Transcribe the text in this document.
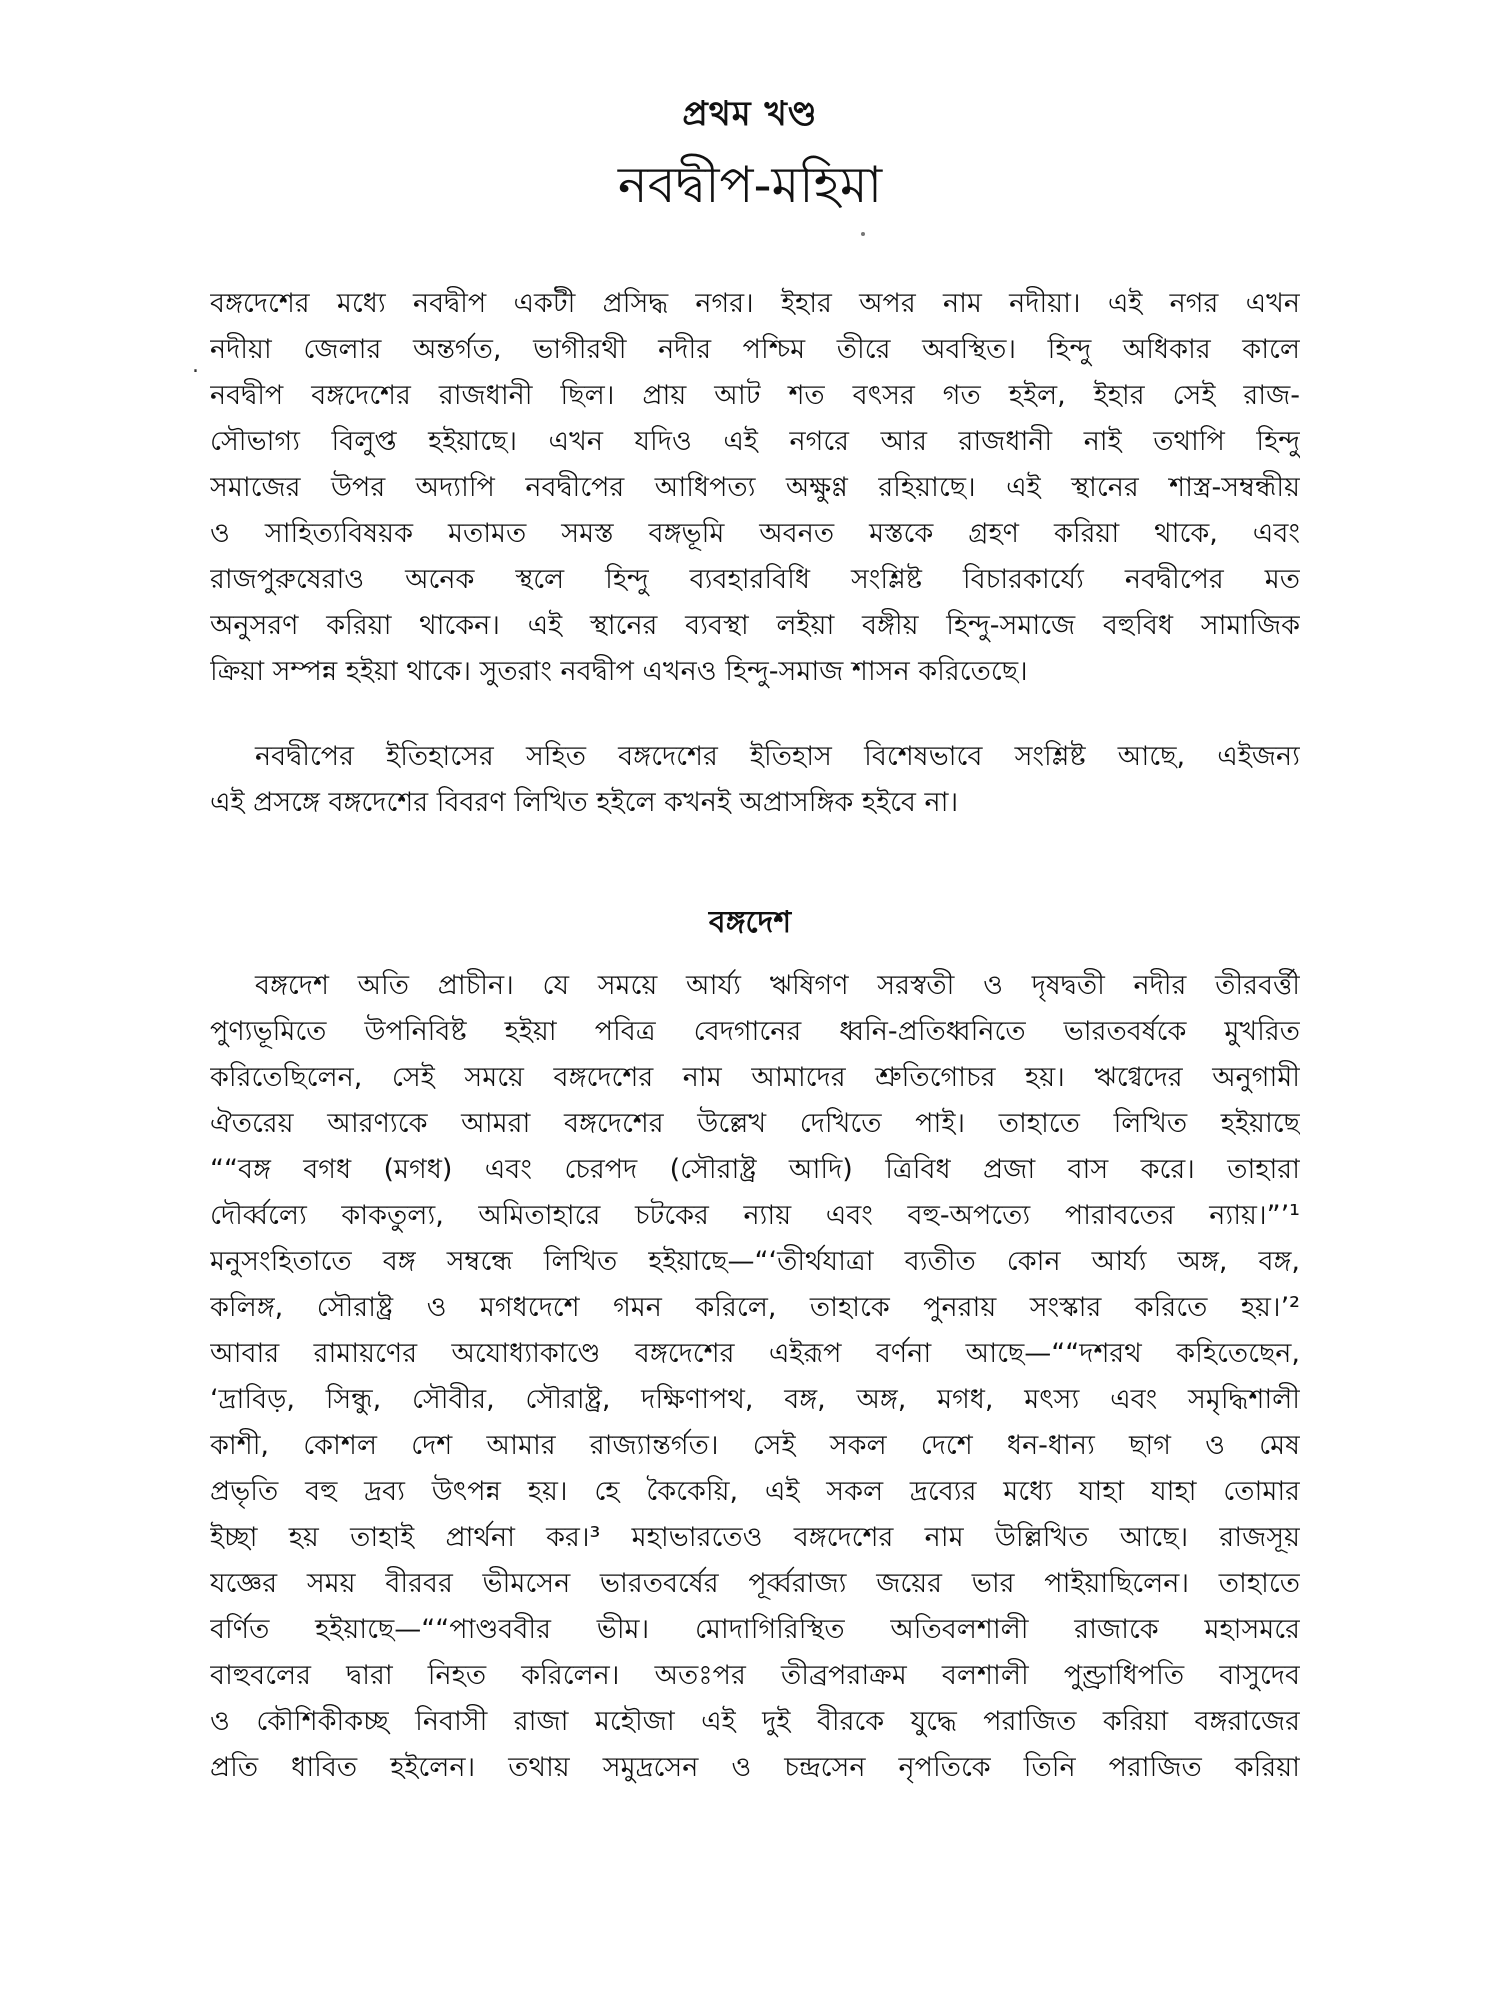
প্রথম খণ্ড
নবদ্বীপ-মহিমা
.
বঙ্গদেশের মধ্যে নবদ্বীপ একটী প্রসিদ্ধ নগর। ইহার অপর নাম নদীয়া। এই নগর এখন
নদীয়া জেলার অন্তর্গত, ভাগীরথী নদীর পশ্চিম তীরে অবস্থিত। হিন্দু অধিকার কালে
নবদ্বীপ বঙ্গদেশের রাজধানী ছিল। প্রায় আট শত বৎসর গত হইল, ইহার সেই রাজ-
সৌভাগ্য বিলুপ্ত হইয়াছে। এখন যদিও এই নগরে আর রাজধানী নাই তথাপি হিন্দু
সমাজের উপর অদ্যাপি নবদ্বীপের আধিপত্য অক্ষুণ্ণ রহিয়াছে। এই স্থানের শাস্ত্র-সম্বন্ধীয়
ও সাহিত্যবিষয়ক মতামত সমস্ত বঙ্গভূমি অবনত মস্তকে গ্রহণ করিয়া থাকে, এবং
রাজপুরুষেরাও অনেক স্থলে হিন্দু ব্যবহারবিধি সংশ্লিষ্ট বিচারকার্য্যে নবদ্বীপের মত
অনুসরণ করিয়া থাকেন। এই স্থানের ব্যবস্থা লইয়া বঙ্গীয় হিন্দু-সমাজে বহুবিধ সামাজিক
ক্রিয়া সম্পন্ন হইয়া থাকে। সুতরাং নবদ্বীপ এখনও হিন্দু-সমাজ শাসন করিতেছে।
নবদ্বীপের ইতিহাসের সহিত বঙ্গদেশের ইতিহাস বিশেষভাবে সংশ্লিষ্ট আছে, এইজন্য
এই প্রসঙ্গে বঙ্গদেশের বিবরণ লিখিত হইলে কখনই অপ্রাসঙ্গিক হইবে না।
বঙ্গদেশ
বঙ্গদেশ অতি প্রাচীন। যে সময়ে আর্য্য ঋষিগণ সরস্বতী ও দৃষদ্বতী নদীর তীরবর্ত্তী
পুণ্যভূমিতে উপনিবিষ্ট হইয়া পবিত্র বেদগানের ধ্বনি-প্রতিধ্বনিতে ভারতবর্ষকে মুখরিত
করিতেছিলেন, সেই সময়ে বঙ্গদেশের নাম আমাদের শ্রুতিগোচর হয়। ঋগ্বেদের অনুগামী
ঐতরেয় আরণ্যকে আমরা বঙ্গদেশের উল্লেখ দেখিতে পাই। তাহাতে লিখিত হইয়াছে
““বঙ্গ বগধ (মগধ) এবং চেরপদ (সৌরাষ্ট্র আদি) ত্রিবিধ প্রজা বাস করে। তাহারা
দৌর্ব্বল্যে কাকতুল্য, অমিতাহারে চটকের ন্যায় এবং বহু-অপত্যে পারাবতের ন্যায়।”’¹
মনুসংহিতাতে বঙ্গ সম্বন্ধে লিখিত হইয়াছে—“‘তীর্থযাত্রা ব্যতীত কোন আর্য্য অঙ্গ, বঙ্গ,
কলিঙ্গ, সৌরাষ্ট্র ও মগধদেশে গমন করিলে, তাহাকে পুনরায় সংস্কার করিতে হয়।’²
আবার রামায়ণের অযোধ্যাকাণ্ডে বঙ্গদেশের এইরূপ বর্ণনা আছে—““দশরথ কহিতেছেন,
‘দ্রাবিড়, সিন্ধু, সৌবীর, সৌরাষ্ট্র, দক্ষিণাপথ, বঙ্গ, অঙ্গ, মগধ, মৎস্য এবং সমৃদ্ধিশালী
কাশী, কোশল দেশ আমার রাজ্যান্তর্গত। সেই সকল দেশে ধন-ধান্য ছাগ ও মেষ
প্রভৃতি বহু দ্রব্য উৎপন্ন হয়। হে কৈকেয়ি, এই সকল দ্রব্যের মধ্যে যাহা যাহা তোমার
ইচ্ছা হয় তাহাই প্রার্থনা কর।³ মহাভারতেও বঙ্গদেশের নাম উল্লিখিত আছে। রাজসূয়
যজ্ঞের সময় বীরবর ভীমসেন ভারতবর্ষের পূর্ব্বরাজ্য জয়ের ভার পাইয়াছিলেন। তাহাতে
বর্ণিত হইয়াছে—““পাণ্ডববীর ভীম। মোদাগিরিস্থিত অতিবলশালী রাজাকে মহাসমরে
বাহুবলের দ্বারা নিহত করিলেন। অতঃপর তীব্রপরাক্রম বলশালী পুণ্ড্রাধিপতি বাসুদেব
ও কৌশিকীকচ্ছ নিবাসী রাজা মহৌজা এই দুই বীরকে যুদ্ধে পরাজিত করিয়া বঙ্গরাজের
প্রতি ধাবিত হইলেন। তথায় সমুদ্রসেন ও চন্দ্রসেন নৃপতিকে তিনি পরাজিত করিয়া
